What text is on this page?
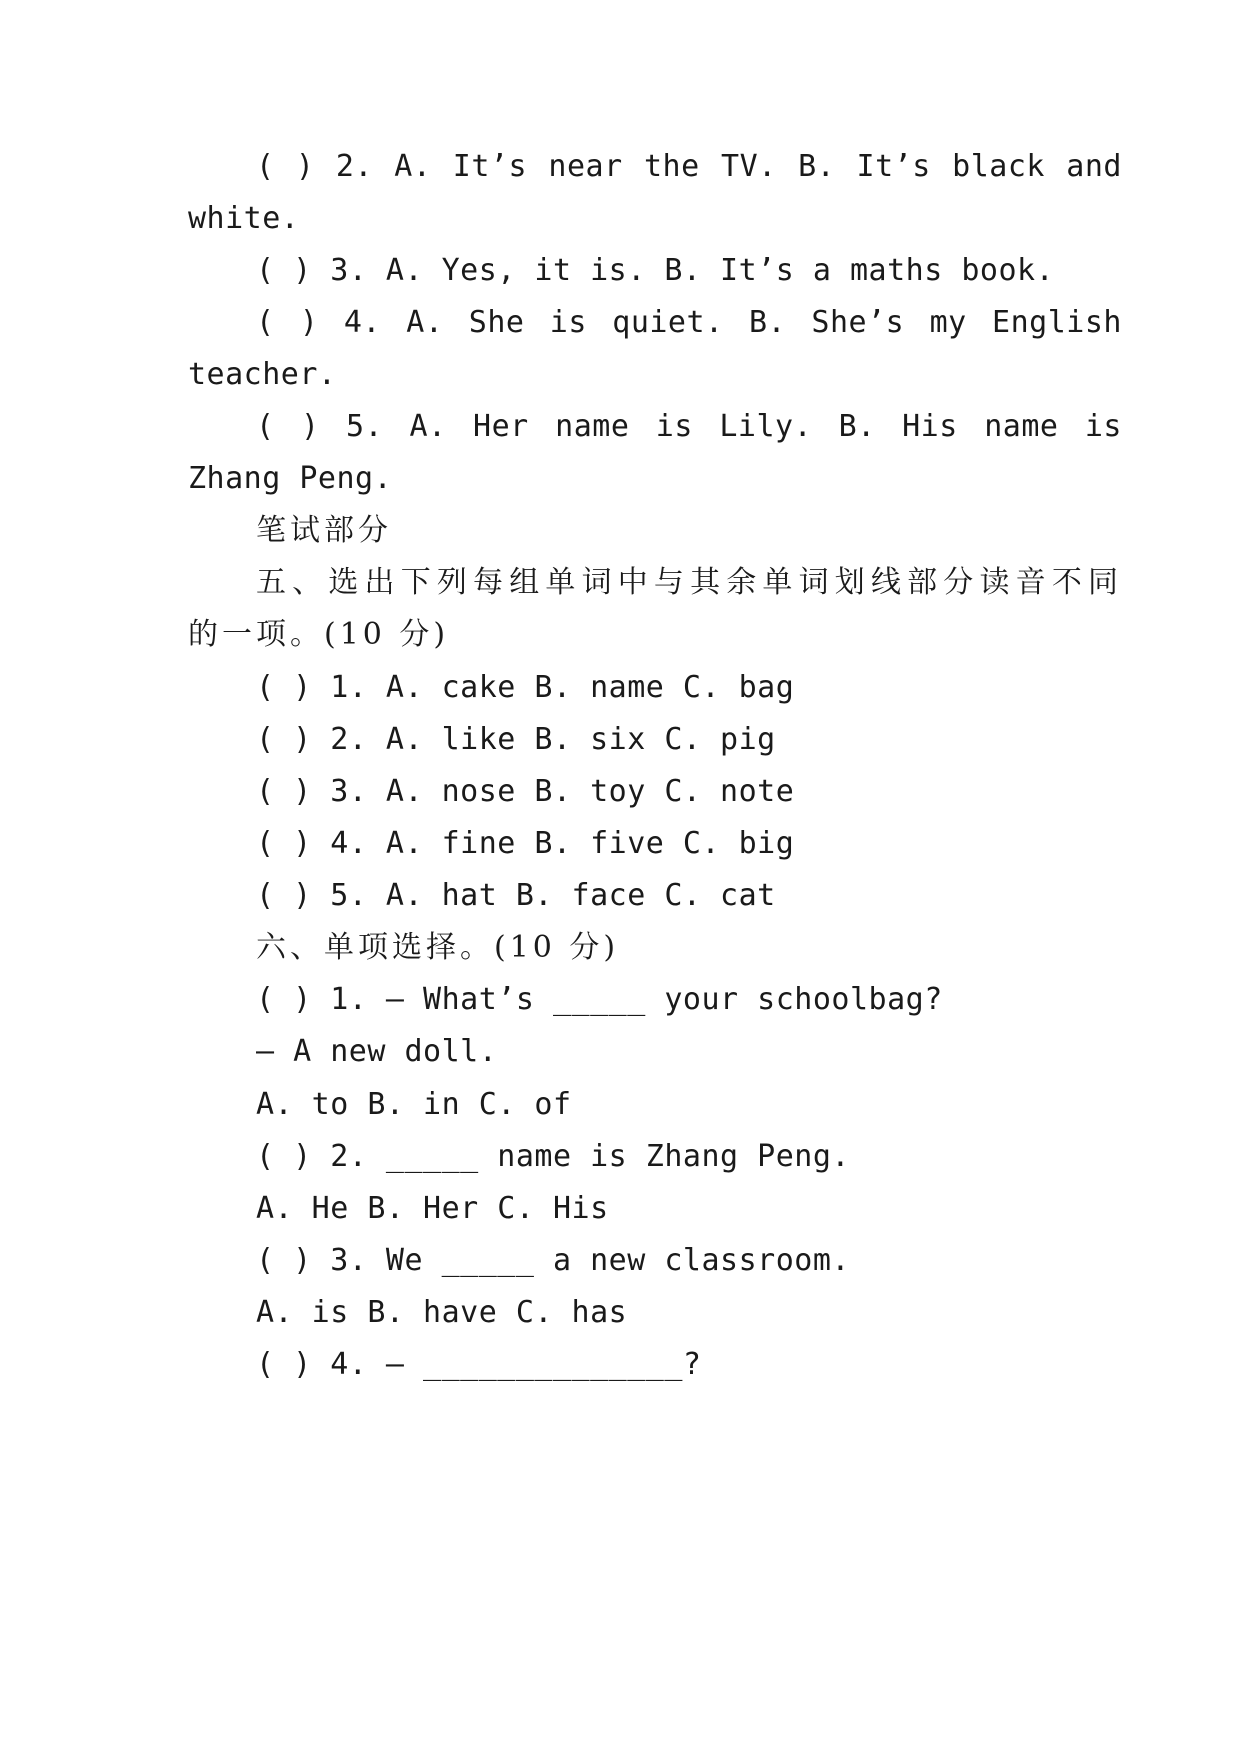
( ) 2. A. It’s near the TV. B. It’s black and
white.
( ) 3. A. Yes, it is. B. It’s a maths book.
( ) 4. A. She is quiet. B. She’s my English
teacher.
( ) 5. A. Her name is Lily. B. His name is
Zhang Peng.
笔试部分
五、选出下列每组单词中与其余单词划线部分读音不同
的一项。(10 分)
( ) 1. A. cake B. name C. bag
( ) 2. A. like B. six C. pig
( ) 3. A. nose B. toy C. note
( ) 4. A. fine B. five C. big
( ) 5. A. hat B. face C. cat
六、单项选择。(10 分)
( ) 1. — What’s _____ your schoolbag?
— A new doll.
A. to B. in C. of
( ) 2. _____ name is Zhang Peng.
A. He B. Her C. His
( ) 3. We _____ a new classroom.
A. is B. have C. has
( ) 4. — ______________?
